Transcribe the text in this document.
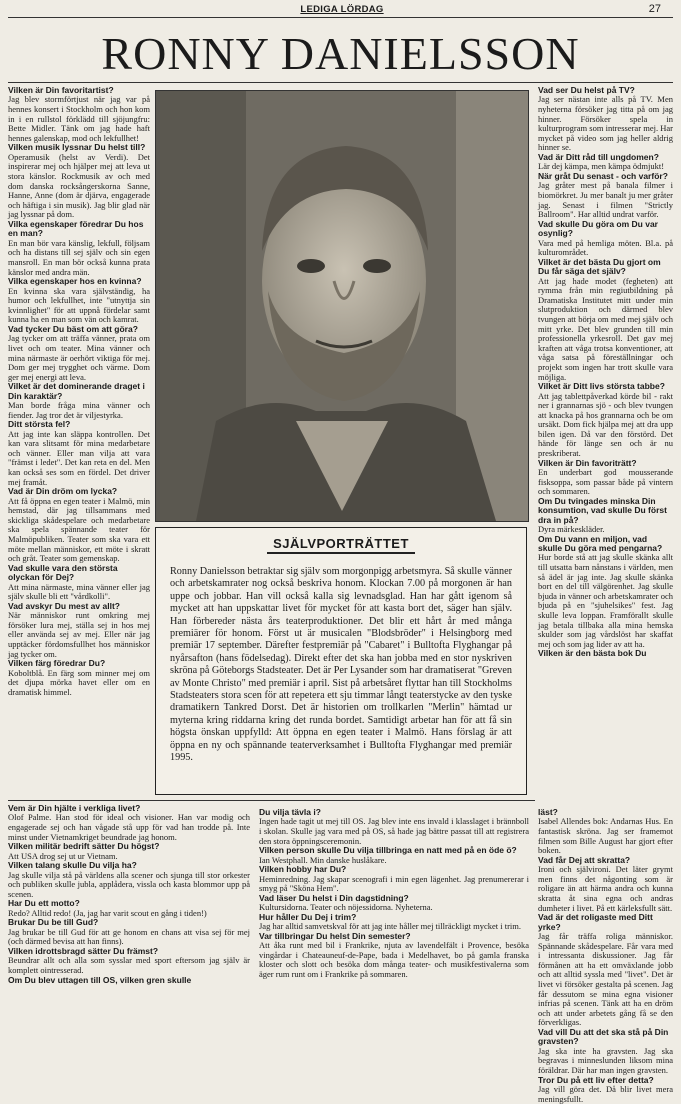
LEDIGA LÖRDAG	27
RONNY DANIELSSON

Vilken är Din favoritartist?

Jag blev stormförtjust när jag var på hennes konsert i Stockholm och hon kom in i en rullstol förklädd till sjöjungfru: Bette Midler. Tänk om jag hade haft hennes galenskap, mod och lekfullhet!

Vilken musik lyssnar Du helst till?

Operamusik (helst av Verdi). Det inspirerar mej och hjälper mej att leva ut stora känslor. Rockmusik av och med dom danska rocksångerskorna Sanne, Hanne, Anne (dom är djärva, engagerade och häftiga i sin musik). Jag blir glad när jag lyssnar på dom.

Vilka egenskaper föredrar Du hos en man?

En man bör vara känslig, lekfull, följsam och ha distans till sej själv och sin egen mansroll. En man bör också kunna prata känslor med andra män.

Vilka egenskaper hos en kvinna?

En kvinna ska vara självständig, ha humor och lekfullhet, inte "utnyttja sin kvinnlighet" för att uppnå fördelar samt kunna ha en man som vän och kamrat.

Vad tycker Du bäst om att göra?

Jag tycker om att träffa vänner, prata om livet och om teater. Mina vänner och mina närmaste är oerhört viktiga för mej. Dom ger mej trygghet och värme. Dom ger mej energi att leva.

Vilket är det dominerande draget i Din karaktär?

Man borde fråga mina vänner och fiender. Jag tror det är viljestyrka.

Ditt största fel?

Att jag inte kan släppa kontrollen. Det kan vara slitsamt för mina medarbetare och vänner. Eller man vilja att vara "främst i ledet". Det kan reta en del. Men kan också ses som en fördel. Det driver mej framåt.

Vad är Din dröm om lycka?

Att få öppna en egen teater i Malmö, min hemstad, där jag tillsammans med skickliga skådespelare och medarbetare ska spela spännande teater för Malmöpubliken. Teater som ska vara ett möte mellan människor, ett möte i skratt och gråt. Teater som gemenskap.

Vad skulle vara den största olyckan för Dej?

Att mina närmaste, mina vänner eller jag själv skulle bli ett "vårdkolli".

Vad avskyr Du mest av allt?

När människor runt omkring mej försöker lura mej, ställa sej in hos mej eller använda sej av mej. Eller när jag upptäcker fördomsfullhet hos människor jag tycker om.

Vilken färg föredrar Du?

Koboltblå. En färg som minner mej om det djupa mörka havet eller om en dramatisk himmel.

SJÄLVPORTRÄTTET

Ronny Danielsson betraktar sig själv som morgonpigg arbetsmyra. Så skulle vänner och arbetskamrater nog också beskriva honom. Klockan 7.00 på morgonen är han uppe och jobbar. Han vill också kalla sig levnadsglad. Han har gått igenom så mycket att han uppskattar livet för mycket för att kasta bort det, säger han själv. Han förbereder nästa års teaterproduktioner. Det blir ett hårt år med många premiärer för honom. Först ut är musicalen "Blodsbröder" i Helsingborg med premiär 17 september. Därefter festpremiär på "Cabaret" i Bulltofta Flyghangar på nyårsafton (hans födelsedag). Direkt efter det ska han jobba med en stor nyskriven skröna på Göteborgs Stadsteater. Det är Per Lysander som har dramatiserat "Greven av Monte Christo" med premiär i april. Sist på arbetsåret flyttar han till Stockholms Stadsteaters stora scen för att repetera ett sju timmar långt teaterstycke av den tyske dramatikern Tankred Dorst. Det är historien om trollkarlen "Merlin" hämtad ur myterna kring riddarna kring det runda bordet. Samtidigt arbetar han för att få sin högsta önskan uppfylld: Att öppna en egen teater i Malmö. Hans förslag är att öppna en ny och spännande teaterverksamhet i Bulltofta Flyghangar med premiär 1995.

Vad ser Du helst på TV?

Jag ser nästan inte alls på TV. Men nyheterna försöker jag titta på om jag hinner. Försöker spela in kulturprogram som intresserar mej. Har mycket på video som jag heller aldrig hinner se.

Vad är Ditt råd till ungdomen?

Lär dej kämpa, men kämpa ödmjukt!

När gråt Du senast - och varför?

Jag gråter mest på banala filmer i biomörkret. Ju mer banalt ju mer gråter jag. Senast i filmen "Strictly Ballroom". Har alltid undrat varför.

Vad skulle Du göra om Du var osynlig?

Vara med på hemliga möten. Bl.a. på kulturområdet.

Vilket är det bästa Du gjort om Du får säga det själv?

Att jag hade modet (fegheten) att rymma från min regiutbildning på Dramatiska Institutet mitt under min slutproduktion och därmed blev tvungen att börja om med mej själv och mitt yrke. Det blev grunden till min professionella yrkesroll. Det gav mej kraften att våga trotsa konventioner, att våga satsa på föreställningar och projekt som ingen har trott skulle vara möjliga.

Vilket är Ditt livs största tabbe?

Att jag tablettpåverkad körde bil - rakt ner i grannarnas sjö - och blev tvungen att knacka på hos grannarna och be om ursäkt. Dom fick hjälpa mej att dra upp bilen igen. Då var den förstörd. Det hände för länge sen och är nu preskriberat.

Vilken är Din favoriträtt?

En underbart god mousserande fisksoppa, som passar både på vintern och sommaren.

Om Du tvingades minska Din konsumtion, vad skulle Du först dra in på?

Dyra märkeskläder.

Om Du vann en miljon, vad skulle Du göra med pengarna?

Hur borde stå att jag skulle skänka allt till utsatta barn nånstans i världen, men så ädel är jag inte. Jag skulle skänka bort en del till välgörenhet. Jag skulle bjuda in vänner och arbetskamrater och bjuda på en "sjuhelsikes" fest. Jag skulle leva loppan. Framförallt skulle jag betala tillbaka alla mina hemska skulder som jag vårdslöst har skaffat mej och som jag lider av att ha.

Vilken är den bästa bok Du

Vem är Din hjälte i verkliga livet?

Olof Palme. Han stod för ideal och visioner. Han var modig och engagerade sej och han vågade stå upp för vad han trodde på. Inte minst under Vietnamkriget beundrade jag honom.

Vilken militär bedrift sätter Du högst?

Att USA drog sej ut ur Vietnam.

Vilken talang skulle Du vilja ha?

Jag skulle vilja stå på världens alla scener och sjunga till stor orkester och publiken skulle jubla, applådera, vissla och kasta blommor upp på scenen.

Har Du ett motto?

Redo? Alltid redo! (Ja, jag har varit scout en gång i tiden!)

Brukar Du be till Gud?

Jag brukar be till Gud för att ge honom en chans att visa sej för mej (och därmed bevisa att han finns).

Vilken idrottsbragd sätter Du främst?

Beundrar allt och alla som sysslar med sport eftersom jag själv är komplett ointresserad.

Om Du blev uttagen till OS, vilken gren skulle

Du vilja tävla i?

Ingen hade tagit ut mej till OS. Jag blev inte ens invald i klasslaget i brännboll i skolan. Skulle jag vara med på OS, så hade jag bättre passat till att registrera den stora öppningsceremonin.

Vilken person skulle Du vilja tillbringa en natt med på en öde ö?

Ian Westphall. Min danske huslåkare.

Vilken hobby har Du?

Heminredning. Jag skapar scenografi i min egen lägenhet. Jag prenumererar i smyg på "Sköna Hem".

Vad läser Du helst i Din dagstidning?

Kultursidorna. Teater och nöjessidorna. Nyheterna.

Hur håller Du Dej i trim?

Jag har alltid samvetskval för att jag inte håller mej tillräckligt mycket i trim.

Var tillbringar Du helst Din semester?

Att åka runt med bil i Frankrike, njuta av lavendelfält i Provence, besöka vingårdar i Chateauneuf-de-Pape, bada i Medelhavet, bo på gamla franska kloster och slott och besöka dom många teater- och musikfestivalerna som äger rum runt om i Frankrike på sommaren.

läst?

Isabel Allendes bok: Andarnas Hus. En fantastisk skröna. Jag ser framemot filmen som Bille August har gjort efter boken.

Vad får Dej att skratta?

Ironi och självironi. Det läter grymt men finns det någonting som är roligare än att härma andra och kunna skratta åt sina egna och andras dumheter i livet. På ett kärleksfullt sätt.

Vad är det roligaste med Ditt yrke?

Jag får träffa roliga människor. Spännande skådespelare. Får vara med i intressanta diskussioner. Jag får förmånen att ha ett omväxlande jobb och att alltid syssla med "livet". Det är livet vi försöker gestalta på scenen. Jag får dessutom se mina egna visioner infrias på scenen. Tänk att ha en dröm och att under arbetets gång få se den förverkligas.

Vad vill Du att det ska stå på Din gravsten?

Jag ska inte ha gravsten. Jag ska begravas i minneslunden liksom mina föräldrar. Där har man ingen gravsten.

Tror Du på ett liv efter detta?

Jag vill göra det. Då blir livet mera meningsfullt.
